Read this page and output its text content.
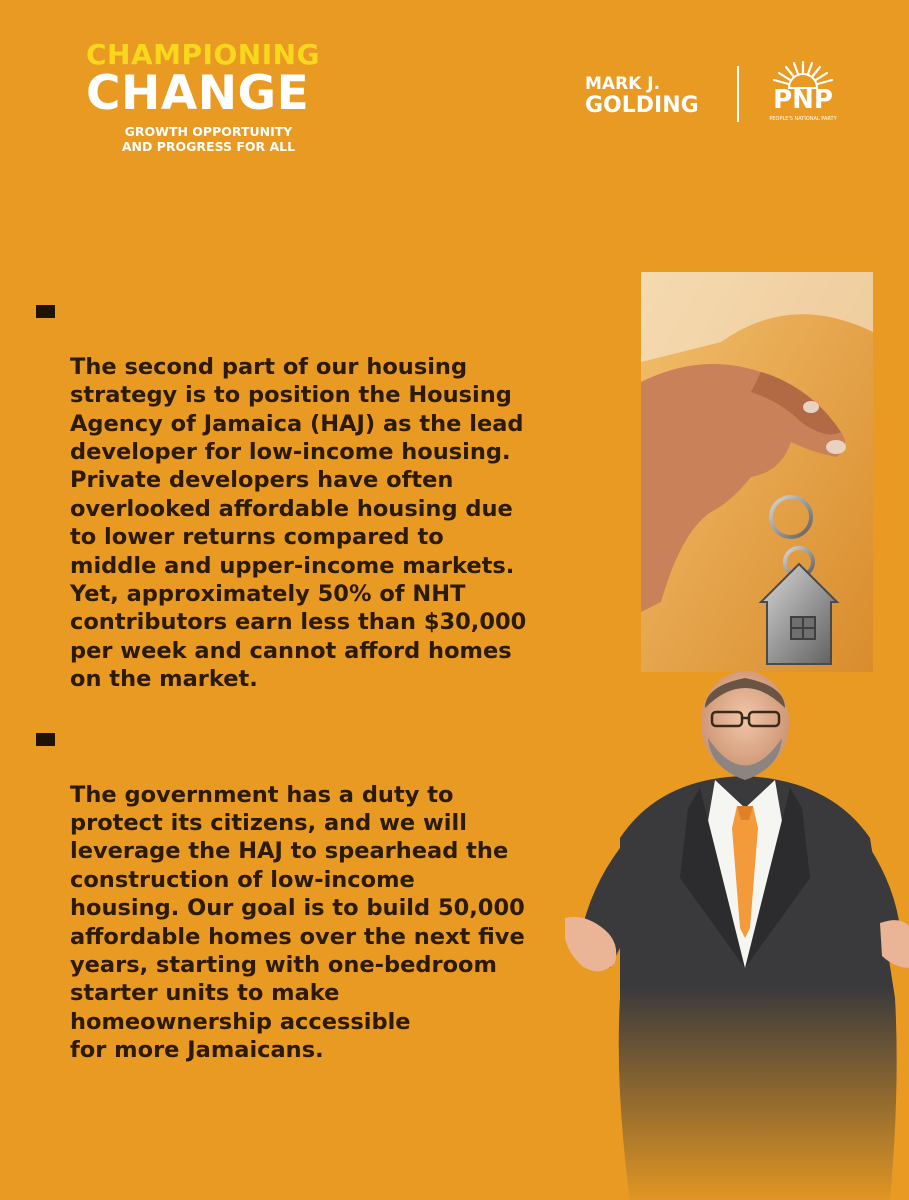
CHAMPIONING
CHANGE
GROWTH OPPORTUNITY
AND PROGRESS FOR ALL
MARK J.
GOLDING	PNP
PEOPLE'S NATIONAL PARTY

The second part of our housing
strategy is to position the Housing
Agency of Jamaica (HAJ) as the lead
developer for low-income housing.
Private developers have often
overlooked affordable housing due
to lower returns compared to
middle and upper-income markets.
Yet, approximately 50% of NHT
contributors earn less than $30,000
per week and cannot afford homes
on the market.

The government has a duty to
protect its citizens, and we will
leverage the HAJ to spearhead the
construction of low-income
housing. Our goal is to build 50,000
affordable homes over the next five
years, starting with one-bedroom
starter units to make
homeownership accessible
for more Jamaicans.
